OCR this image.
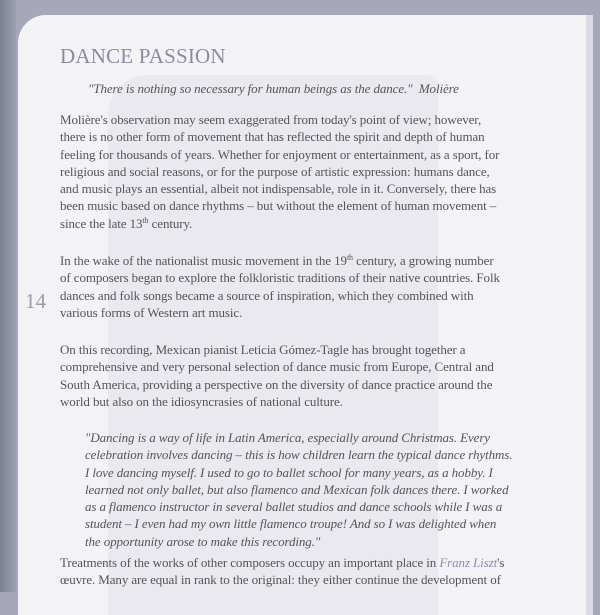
DANCE PASSION
14
"There is nothing so necessary for human beings as the dance." Molière
Molière's observation may seem exaggerated from today's point of view; however,
there is no other form of movement that has reflected the spirit and depth of human
feeling for thousands of years. Whether for enjoyment or entertainment, as a sport, for
religious and social reasons, or for the purpose of artistic expression: humans dance,
and music plays an essential, albeit not indispensable, role in it. Conversely, there has
been music based on dance rhythms – but without the element of human movement –
since the late 13th century.
In the wake of the nationalist music movement in the 19th century, a growing number
of composers began to explore the folkloristic traditions of their native countries. Folk
dances and folk songs became a source of inspiration, which they combined with
various forms of Western art music.
On this recording, Mexican pianist Leticia Gómez-Tagle has brought together a
comprehensive and very personal selection of dance music from Europe, Central and
South America, providing a perspective on the diversity of dance practice around the
world but also on the idiosyncrasies of national culture.
"Dancing is a way of life in Latin America, especially around Christmas. Every
celebration involves dancing – this is how children learn the typical dance rhythms.
I love dancing myself. I used to go to ballet school for many years, as a hobby. I
learned not only ballet, but also flamenco and Mexican folk dances there. I worked
as a flamenco instructor in several ballet studios and dance schools while I was a
student – I even had my own little flamenco troupe! And so I was delighted when
the opportunity arose to make this recording."
Treatments of the works of other composers occupy an important place in Franz Liszt's
œuvre. Many are equal in rank to the original: they either continue the development of
